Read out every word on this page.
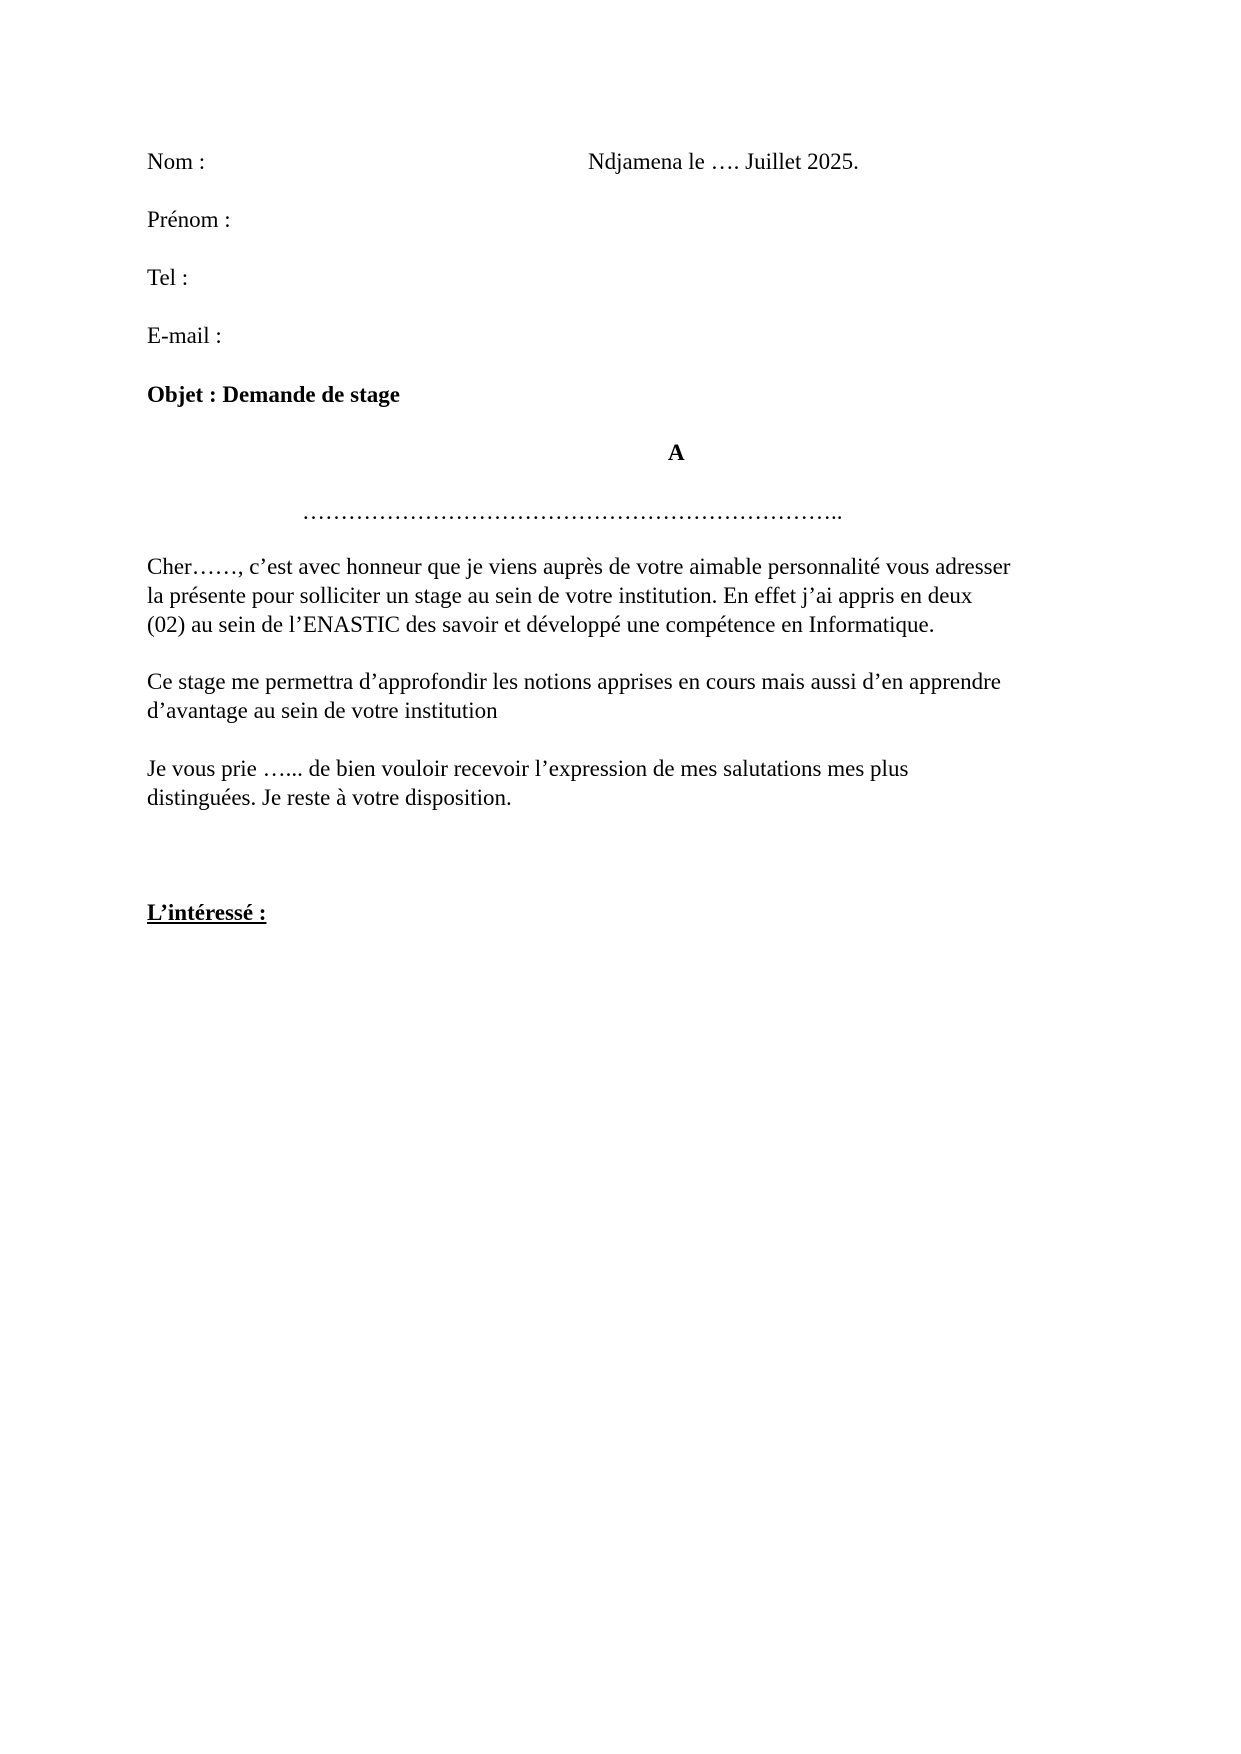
Nom :	Ndjamena le …. Juillet 2025.
Prénom :
Tel :
E-mail :
Objet : Demande de stage
A
……………………………………………………………..
Cher……, c’est avec honneur que je viens auprès de votre aimable personnalité vous adresser
la présente pour solliciter un stage au sein de votre institution. En effet j’ai appris en deux
(02) au sein de l’ENASTIC des savoir et développé une compétence en Informatique.
Ce stage me permettra d’approfondir les notions apprises en cours mais aussi d’en apprendre
d’avantage au sein de votre institution
Je vous prie …... de bien vouloir recevoir l’expression de mes salutations mes plus
distinguées. Je reste à votre disposition.
L’intéressé :
